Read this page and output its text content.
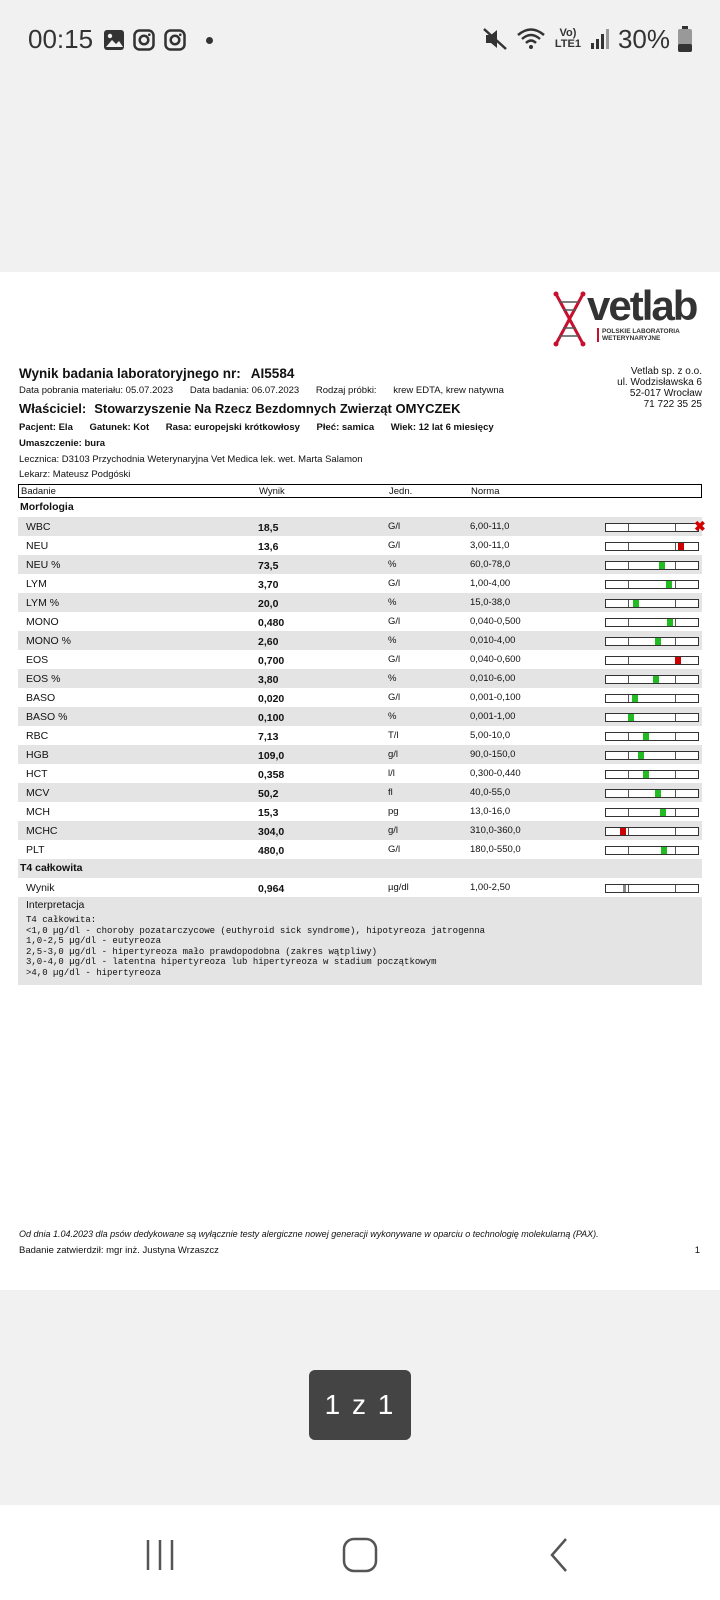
00:15	Vo) LTE1 30%
vetlab
POLSKIE LABORATORIA WETERYNARYJNE
Vetlab sp. z o.o.
ul. Wodzisławska 6
52-017 Wrocław
71 722 35 25
Wynik badania laboratoryjnego nr: AI5584
Data pobrania materiału: 05.07.2023 Data badania: 06.07.2023 Rodzaj próbki: krew EDTA, krew natywna
Właściciel: Stowarzyszenie Na Rzecz Bezdomnych Zwierząt OMYCZEK
Pacjent: Ela Gatunek: Kot Rasa: europejski krótkowłosy Płeć: samica Wiek: 12 lat 6 miesięcy
Umaszczenie: bura
Lecznica: D3103 Przychodnia Weterynaryjna Vet Medica lek. wet. Marta Salamon
Lekarz: Mateusz Podgóski
Badanie	Wynik	Jedn.	Norma
Morfologia
WBC	18,5	G/l	6,00-11,0	✖
NEU	13,6	G/l	3,00-11,0
NEU %	73,5	%	60,0-78,0
LYM	3,70	G/l	1,00-4,00
LYM %	20,0	%	15,0-38,0
MONO	0,480	G/l	0,040-0,500
MONO %	2,60	%	0,010-4,00
EOS	0,700	G/l	0,040-0,600
EOS %	3,80	%	0,010-6,00
BASO	0,020	G/l	0,001-0,100
BASO %	0,100	%	0,001-1,00
RBC	7,13	T/l	5,00-10,0
HGB	109,0	g/l	90,0-150,0
HCT	0,358	l/l	0,300-0,440
MCV	50,2	fl	40,0-55,0
MCH	15,3	pg	13,0-16,0
MCHC	304,0	g/l	310,0-360,0
PLT	480,0	G/l	180,0-550,0
T4 całkowita
Wynik	0,964	µg/dl	1,00-2,50
Interpretacja
T4 całkowita:
<1,0 µg/dl - choroby pozatarczycowe (euthyroid sick syndrome), hipotyreoza jatrogenna
1,0-2,5 µg/dl - eutyreoza
2,5-3,0 µg/dl - hipertyreoza mało prawdopodobna (zakres wątpliwy)
3,0-4,0 µg/dl - latentna hipertyreoza lub hipertyreoza w stadium początkowym
>4,0 µg/dl - hipertyreoza
Od dnia 1.04.2023 dla psów dedykowane są wyłącznie testy alergiczne nowej generacji wykonywane w oparciu o technologię molekularną (PAX).
Badanie zatwierdził: mgr inż. Justyna Wrzaszcz	1
1 z 1
